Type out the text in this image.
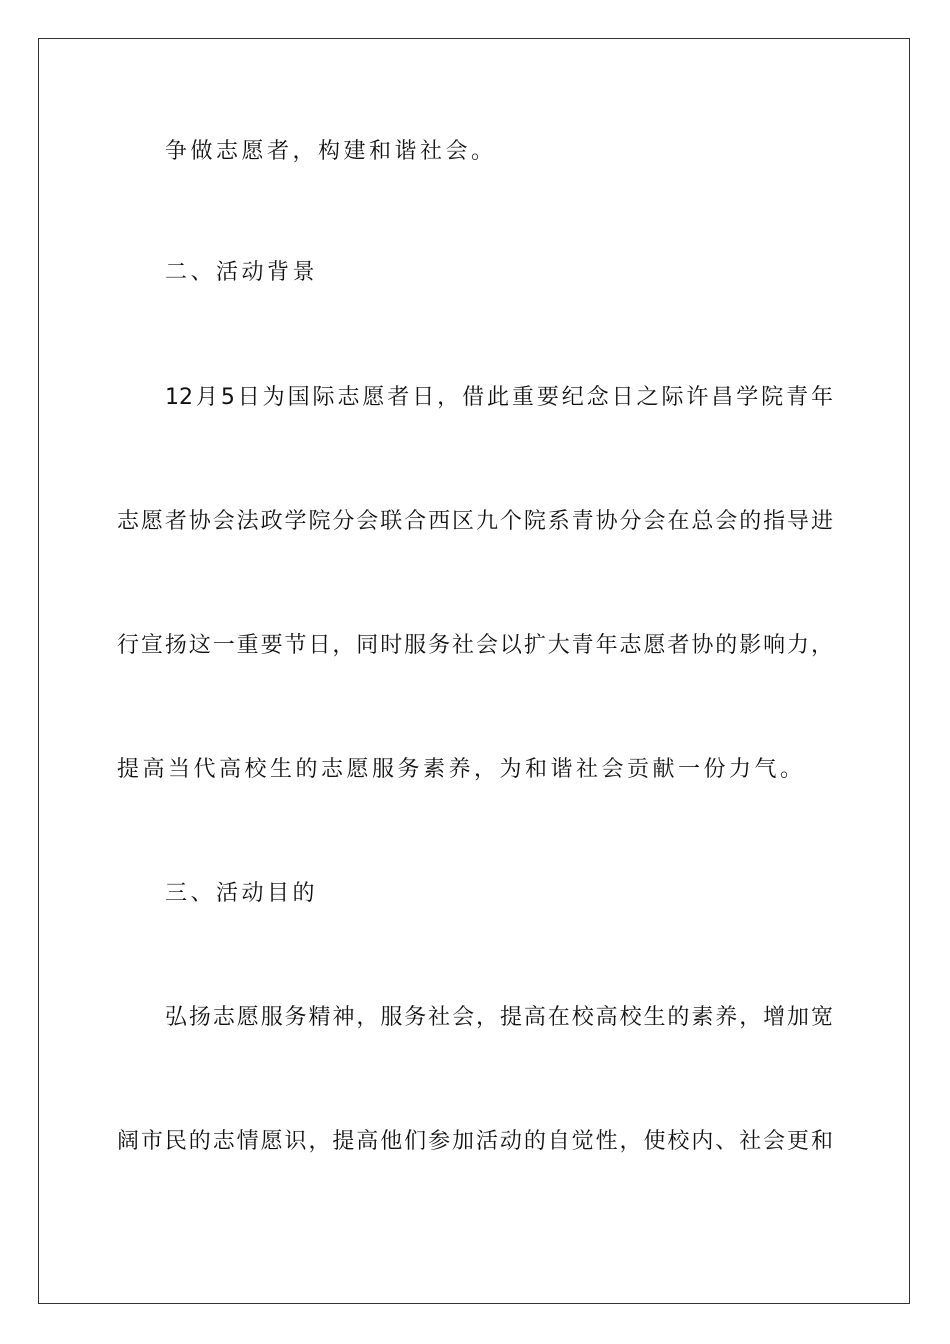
争做志愿者，构建和谐社会。
二、活动背景
12月5日为国际志愿者日，借此重要纪念日之际许昌学院青年
志愿者协会法政学院分会联合西区九个院系青协分会在总会的指导进
行宣扬这一重要节日，同时服务社会以扩大青年志愿者协的影响力，
提高当代高校生的志愿服务素养，为和谐社会贡献一份力气。
三、活动目的
弘扬志愿服务精神，服务社会，提高在校高校生的素养，增加宽
阔市民的志情愿识，提高他们参加活动的自觉性，使校内、社会更和
